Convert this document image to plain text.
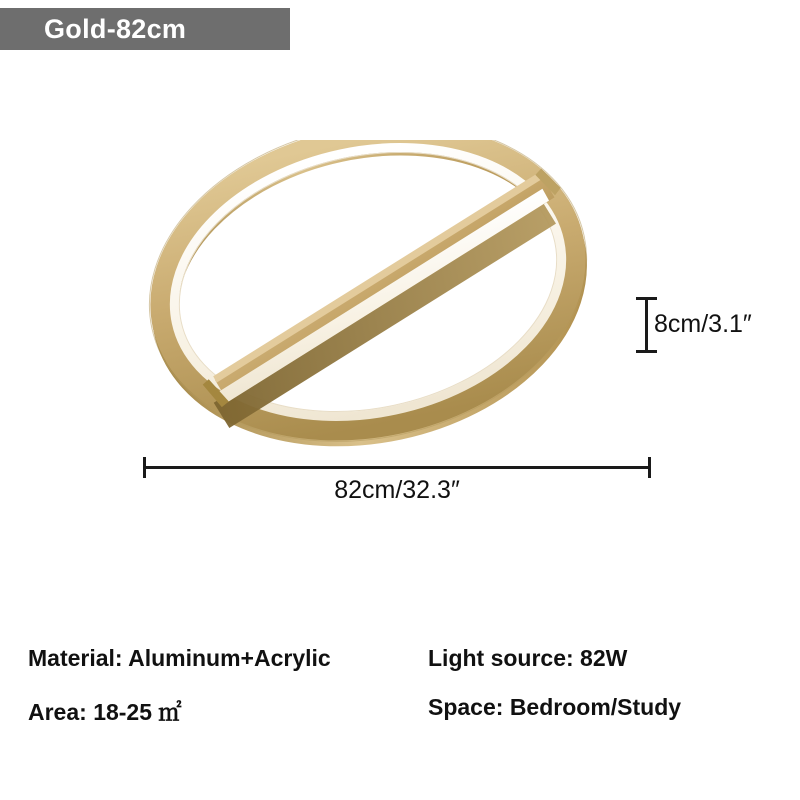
Gold-82cm
82cm/32.3″
8cm/3.1″
Material: Aluminum+Acrylic	Light source: 82W
Area: 18-25 ㎡	Space: Bedroom/Study
